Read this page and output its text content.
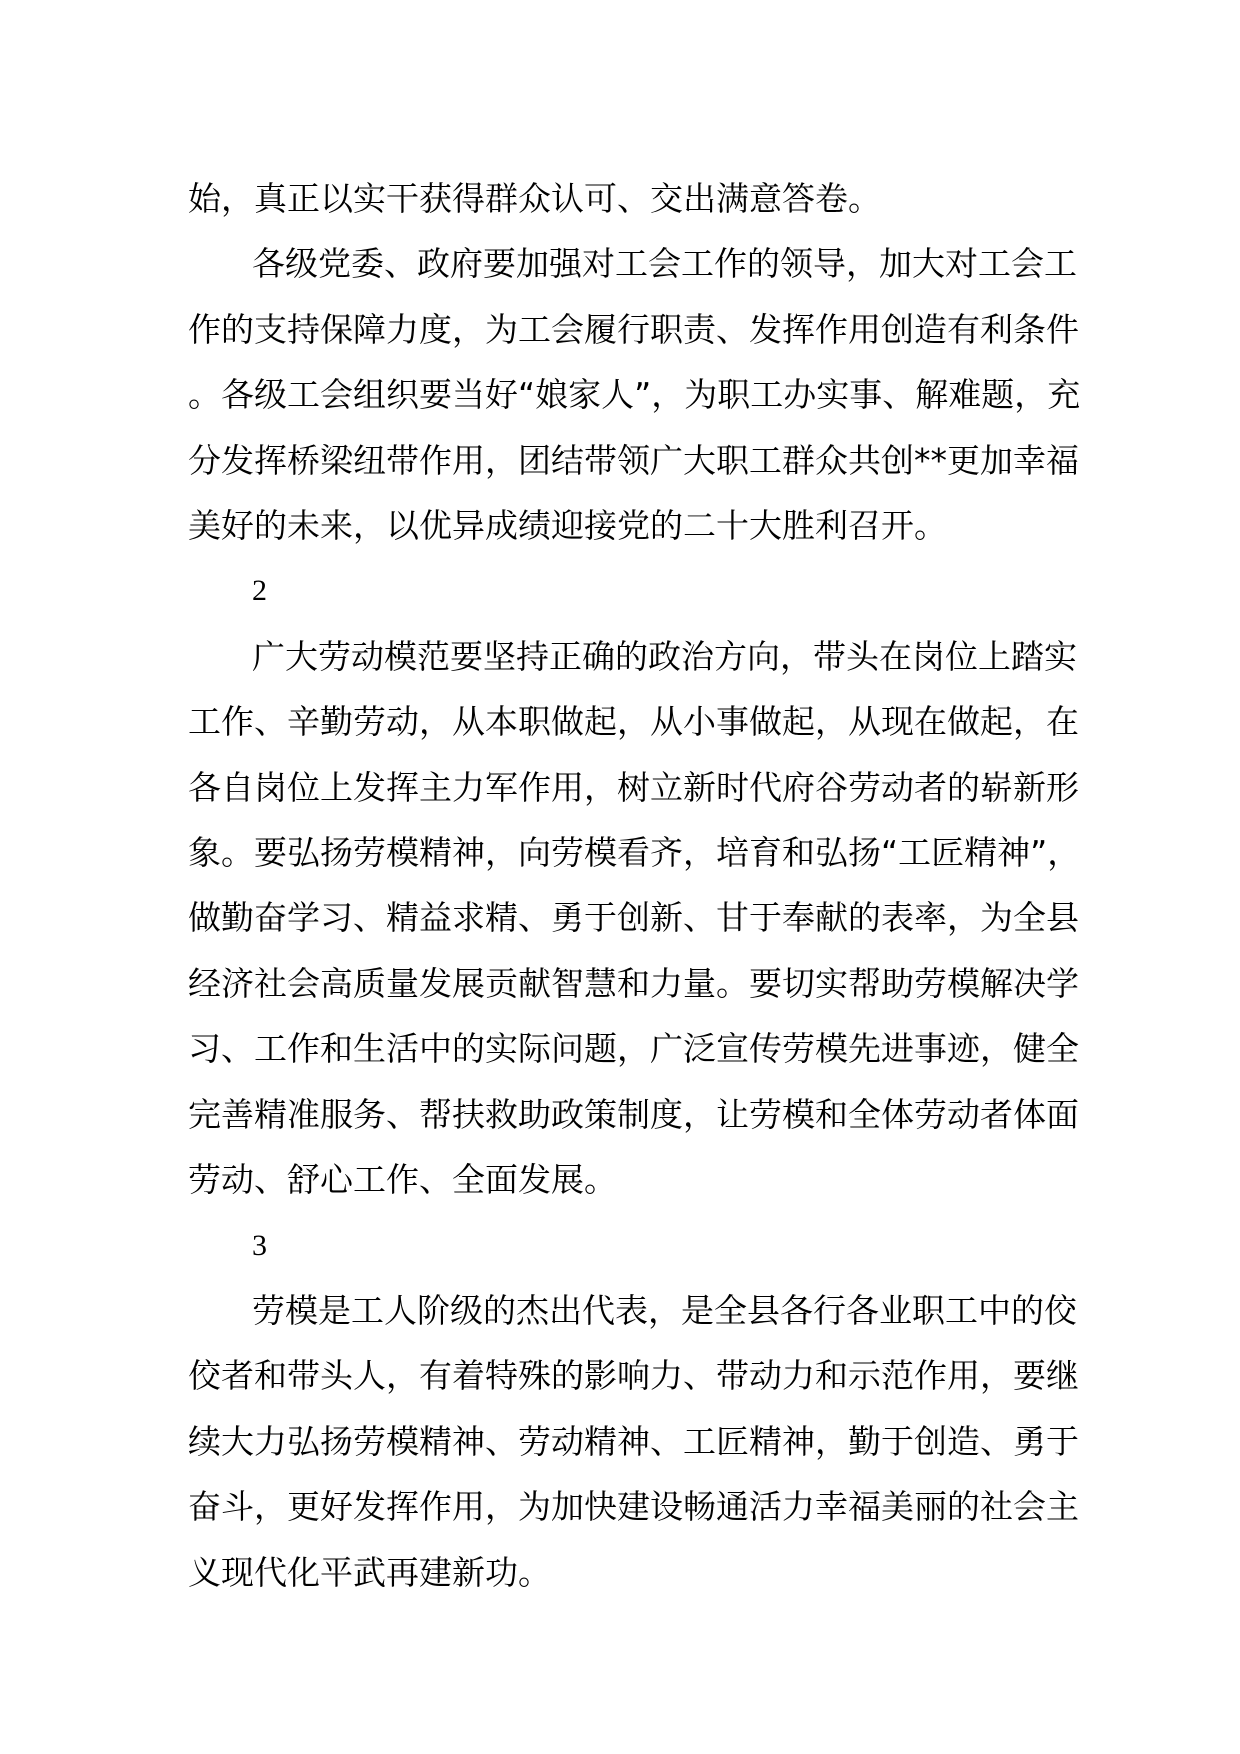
始，真正以实干获得群众认可、交出满意答卷。

各级党委、政府要加强对工会工作的领导，加大对工会工作的支持保障力度，为工会履行职责、发挥作用创造有利条件。各级工会组织要当好“娘家人”，为职工办实事、解难题，充分发挥桥梁纽带作用，团结带领广大职工群众共创**更加幸福美好的未来，以优异成绩迎接党的二十大胜利召开。

2

广大劳动模范要坚持正确的政治方向，带头在岗位上踏实工作、辛勤劳动，从本职做起，从小事做起，从现在做起，在各自岗位上发挥主力军作用，树立新时代府谷劳动者的崭新形象。要弘扬劳模精神，向劳模看齐，培育和弘扬“工匠精神”，做勤奋学习、精益求精、勇于创新、甘于奉献的表率，为全县经济社会高质量发展贡献智慧和力量。要切实帮助劳模解决学习、工作和生活中的实际问题，广泛宣传劳模先进事迹，健全完善精准服务、帮扶救助政策制度，让劳模和全体劳动者体面劳动、舒心工作、全面发展。

3

劳模是工人阶级的杰出代表，是全县各行各业职工中的佼佼者和带头人，有着特殊的影响力、带动力和示范作用，要继续大力弘扬劳模精神、劳动精神、工匠精神，勤于创造、勇于奋斗，更好发挥作用，为加快建设畅通活力幸福美丽的社会主义现代化平武再建新功。
